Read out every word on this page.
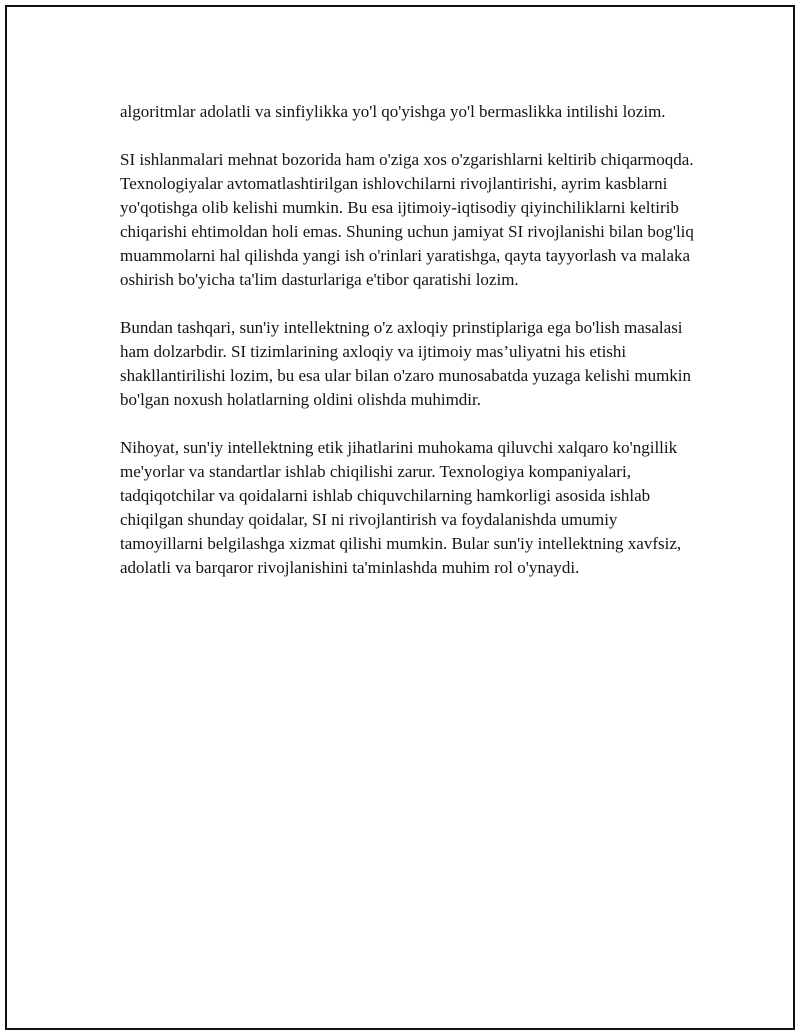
algoritmlar adolatli va sinfiylikka yo'l qo'yishga yo'l bermaslikka intilishi lozim.

SI ishlanmalari mehnat bozorida ham o'ziga xos o'zgarishlarni keltirib chiqarmoqda. Texnologiyalar avtomatlashtirilgan ishlovchilarni rivojlantirishi, ayrim kasblarni yo'qotishga olib kelishi mumkin. Bu esa ijtimoiy-iqtisodiy qiyinchiliklarni keltirib chiqarishi ehtimoldan holi emas. Shuning uchun jamiyat SI rivojlanishi bilan bog'liq muammolarni hal qilishda yangi ish o'rinlari yaratishga, qayta tayyorlash va malaka oshirish bo'yicha ta'lim dasturlariga e'tibor qaratishi lozim.

Bundan tashqari, sun'iy intellektning o'z axloqiy prinstiplariga ega bo'lish masalasi ham dolzarbdir. SI tizimlarining axloqiy va ijtimoiy mas’uliyatni his etishi shakllantirilishi lozim, bu esa ular bilan o'zaro munosabatda yuzaga kelishi mumkin bo'lgan noxush holatlarning oldini olishda muhimdir.

Nihoyat, sun'iy intellektning etik jihatlarini muhokama qiluvchi xalqaro ko'ngillik me'yorlar va standartlar ishlab chiqilishi zarur. Texnologiya kompaniyalari, tadqiqotchilar va qoidalarni ishlab chiquvchilarning hamkorligi asosida ishlab chiqilgan shunday qoidalar, SI ni rivojlantirish va foydalanishda umumiy tamoyillarni belgilashga xizmat qilishi mumkin. Bular sun'iy intellektning xavfsiz, adolatli va barqaror rivojlanishini ta'minlashda muhim rol o'ynaydi.
